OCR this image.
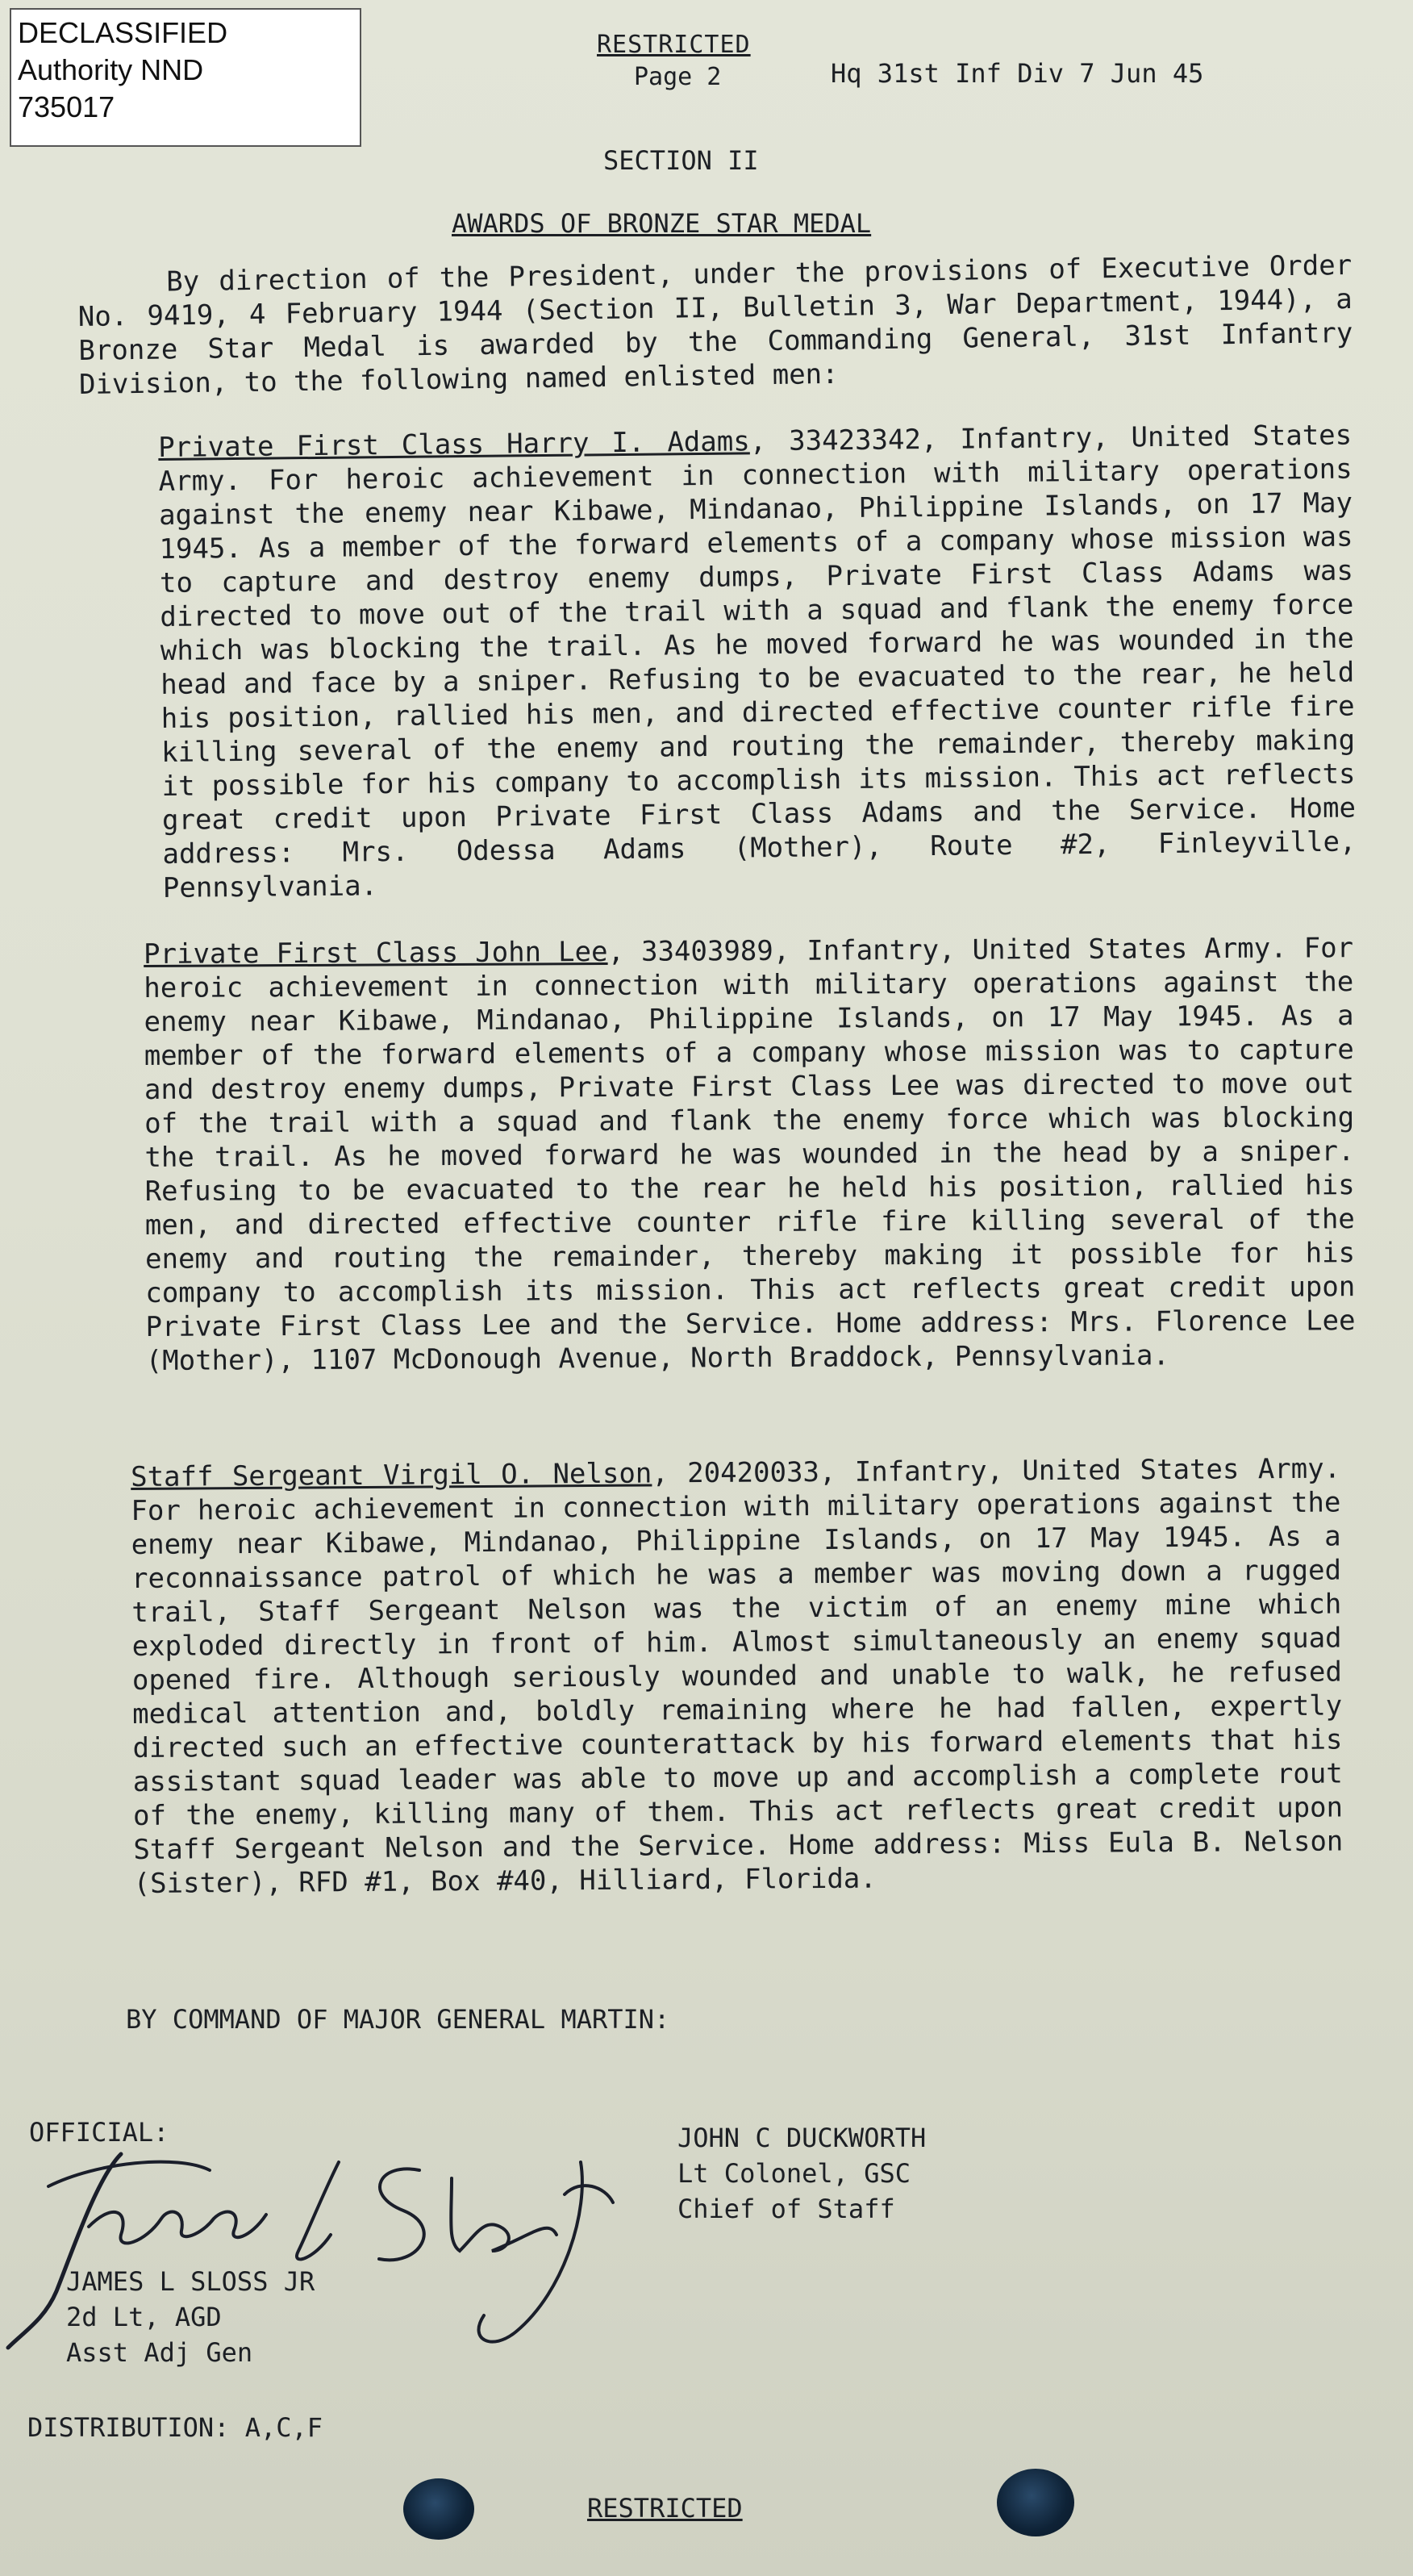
DECLASSIFIED
Authority NND
735017
RESTRICTED
Page 2	Hq 31st Inf Div 7 Jun 45
SECTION II
AWARDS OF BRONZE STAR MEDAL
By direction of the President, under the provisions of Executive Order No. 9419, 4 February 1944 (Section II, Bulletin 3, War Department, 1944), a Bronze Star Medal is awarded by the Commanding General, 31st Infantry Division, to the following named enlisted men:
Private First Class Harry I. Adams, 33423342, Infantry, United States Army. For heroic achievement in connection with military operations against the enemy near Kibawe, Mindanao, Philippine Islands, on 17 May 1945. As a member of the forward elements of a company whose mission was to capture and destroy enemy dumps, Private First Class Adams was directed to move out of the trail with a squad and flank the enemy force which was blocking the trail. As he moved forward he was wounded in the head and face by a sniper. Refusing to be evacuated to the rear, he held his position, rallied his men, and directed effective counter rifle fire killing several of the enemy and routing the remainder, thereby making it possible for his company to accomplish its mission. This act reflects great credit upon Private First Class Adams and the Service. Home address: Mrs. Odessa Adams (Mother), Route #2, Finleyville, Pennsylvania.
Private First Class John Lee, 33403989, Infantry, United States Army. For heroic achievement in connection with military operations against the enemy near Kibawe, Mindanao, Philippine Islands, on 17 May 1945. As a member of the forward elements of a company whose mission was to capture and destroy enemy dumps, Private First Class Lee was directed to move out of the trail with a squad and flank the enemy force which was blocking the trail. As he moved forward he was wounded in the head by a sniper. Refusing to be evacuated to the rear he held his position, rallied his men, and directed effective counter rifle fire killing several of the enemy and routing the remainder, thereby making it possible for his company to accomplish its mission. This act reflects great credit upon Private First Class Lee and the Service. Home address: Mrs. Florence Lee (Mother), 1107 McDonough Avenue, North Braddock, Pennsylvania.
Staff Sergeant Virgil O. Nelson, 20420033, Infantry, United States Army. For heroic achievement in connection with military operations against the enemy near Kibawe, Mindanao, Philippine Islands, on 17 May 1945. As a reconnaissance patrol of which he was a member was moving down a rugged trail, Staff Sergeant Nelson was the victim of an enemy mine which exploded directly in front of him. Almost simultaneously an enemy squad opened fire. Although seriously wounded and unable to walk, he refused medical attention and, boldly remaining where he had fallen, expertly directed such an effective counterattack by his forward elements that his assistant squad leader was able to move up and accomplish a complete rout of the enemy, killing many of them. This act reflects great credit upon Staff Sergeant Nelson and the Service. Home address: Miss Eula B. Nelson (Sister), RFD #1, Box #40, Hilliard, Florida.
BY COMMAND OF MAJOR GENERAL MARTIN:
OFFICIAL:
JAMES L SLOSS JR
2d Lt, AGD
Asst Adj Gen
JOHN C DUCKWORTH
Lt Colonel, GSC
Chief of Staff
DISTRIBUTION: A,C,F
RESTRICTED
